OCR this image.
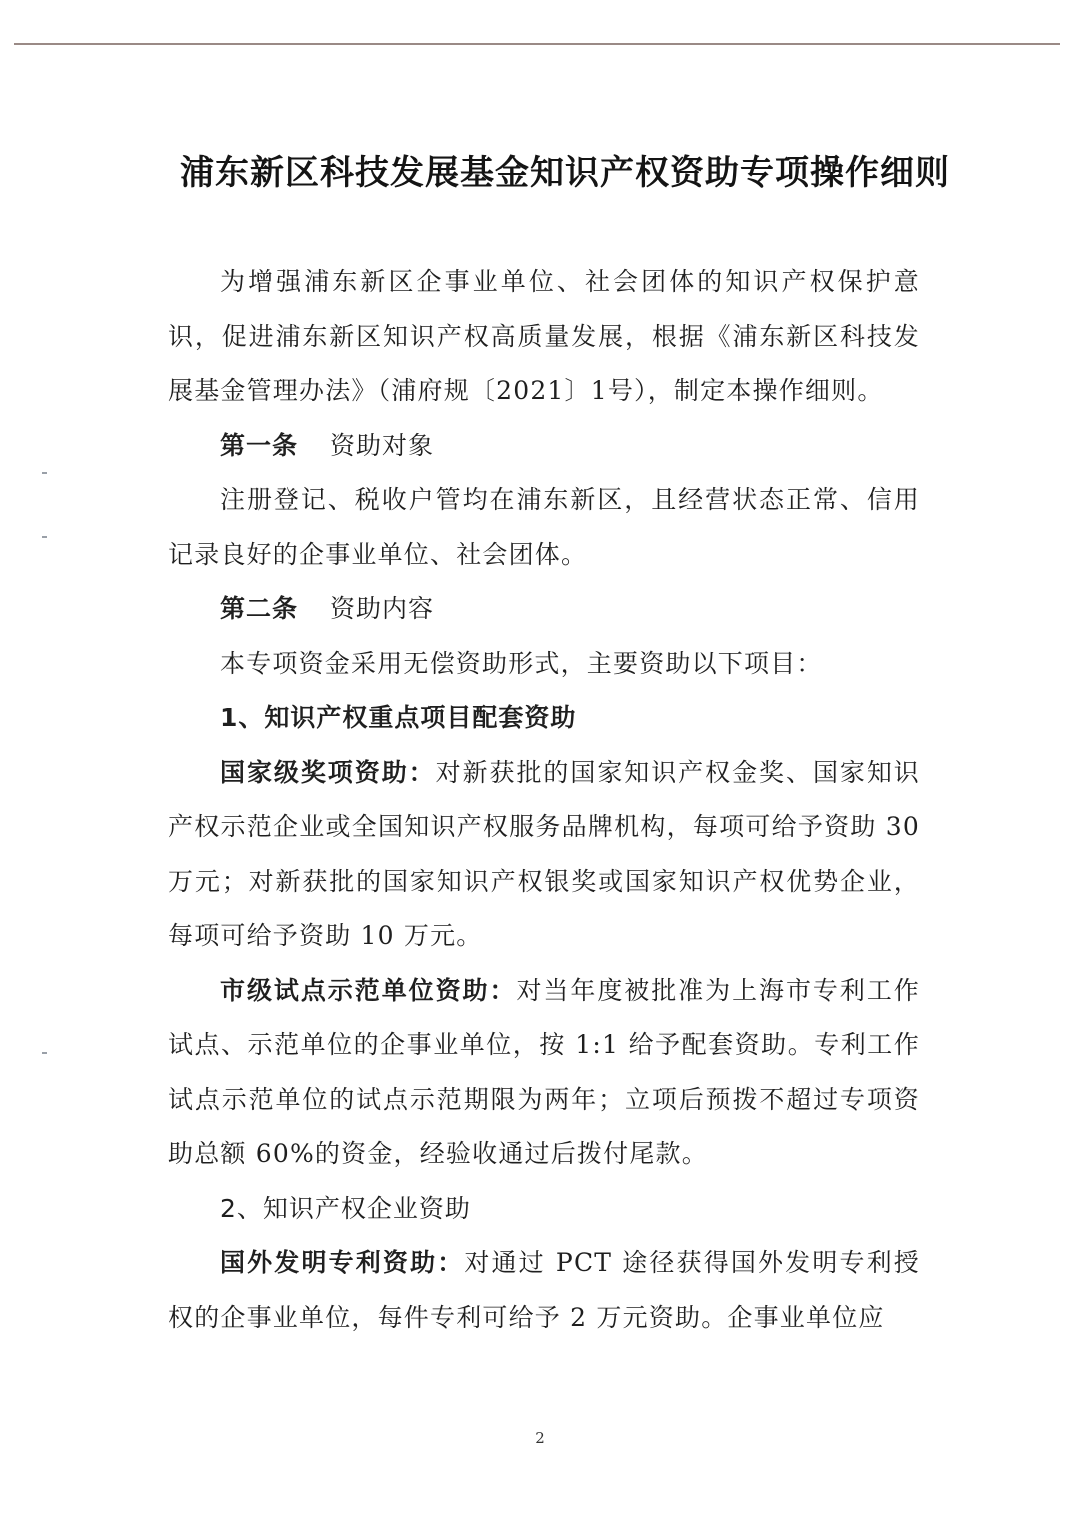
浦东新区科技发展基金知识产权资助专项操作细则

为增强浦东新区企事业单位、社会团体的知识产权保护意识，促进浦东新区知识产权高质量发展，根据《浦东新区科技发展基金管理办法》（浦府规〔2021〕1号），制定本操作细则。

第一条 资助对象

注册登记、税收户管均在浦东新区，且经营状态正常、信用记录良好的企事业单位、社会团体。

第二条 资助内容

本专项资金采用无偿资助形式，主要资助以下项目：

1、知识产权重点项目配套资助

国家级奖项资助：对新获批的国家知识产权金奖、国家知识产权示范企业或全国知识产权服务品牌机构，每项可给予资助 30 万元；对新获批的国家知识产权银奖或国家知识产权优势企业，每项可给予资助 10 万元。

市级试点示范单位资助：对当年度被批准为上海市专利工作试点、示范单位的企事业单位，按 1:1 给予配套资助。专利工作试点示范单位的试点示范期限为两年；立项后预拨不超过专项资助总额 60%的资金，经验收通过后拨付尾款。

2、知识产权企业资助

国外发明专利资助：对通过 PCT 途径获得国外发明专利授权的企事业单位，每件专利可给予 2 万元资助。企事业单位应

2
